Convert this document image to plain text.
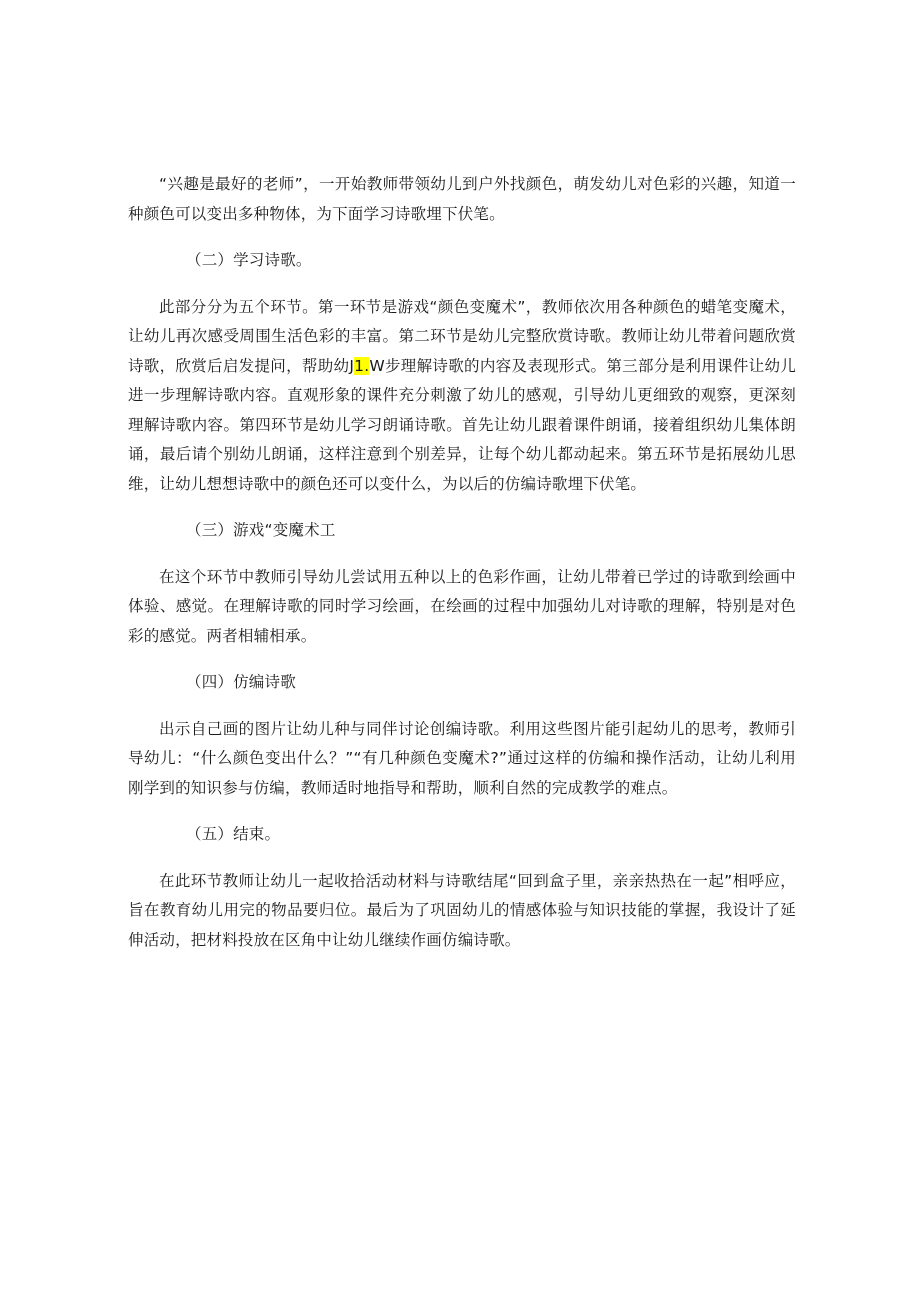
“兴趣是最好的老师”，一开始教师带领幼儿到户外找颜色，萌发幼儿对色彩的兴趣，知道一种颜色可以变出多种物体，为下面学习诗歌埋下伏笔。

（二）学习诗歌。

此部分分为五个环节。第一环节是游戏“颜色变魔术”，教师依次用各种颜色的蜡笔变魔术，让幼儿再次感受周围生活色彩的丰富。第二环节是幼儿完整欣赏诗歌。教师让幼儿带着问题欣赏诗歌，欣赏后启发提问，帮助幼J1.W步理解诗歌的内容及表现形式。第三部分是利用课件让幼儿进一步理解诗歌内容。直观形象的课件充分刺激了幼儿的感观，引导幼儿更细致的观察，更深刻理解诗歌内容。第四环节是幼儿学习朗诵诗歌。首先让幼儿跟着课件朗诵，接着组织幼儿集体朗诵，最后请个别幼儿朗诵，这样注意到个别差异，让每个幼儿都动起来。第五环节是拓展幼儿思维，让幼儿想想诗歌中的颜色还可以变什么，为以后的仿编诗歌埋下伏笔。

（三）游戏“变魔术工

在这个环节中教师引导幼儿尝试用五种以上的色彩作画，让幼儿带着已学过的诗歌到绘画中体验、感觉。在理解诗歌的同时学习绘画，在绘画的过程中加强幼儿对诗歌的理解，特别是对色彩的感觉。两者相辅相承。

（四）仿编诗歌

出示自己画的图片让幼儿种与同伴讨论创编诗歌。利用这些图片能引起幼儿的思考，教师引导幼儿：“什么颜色变出什么？”“有几种颜色变魔术?”通过这样的仿编和操作活动，让幼儿利用刚学到的知识参与仿编，教师适时地指导和帮助，顺利自然的完成教学的难点。

（五）结束。

在此环节教师让幼儿一起收拾活动材料与诗歌结尾“回到盒子里，亲亲热热在一起”相呼应，旨在教育幼儿用完的物品要归位。最后为了巩固幼儿的情感体验与知识技能的掌握，我设计了延伸活动，把材料投放在区角中让幼儿继续作画仿编诗歌。
